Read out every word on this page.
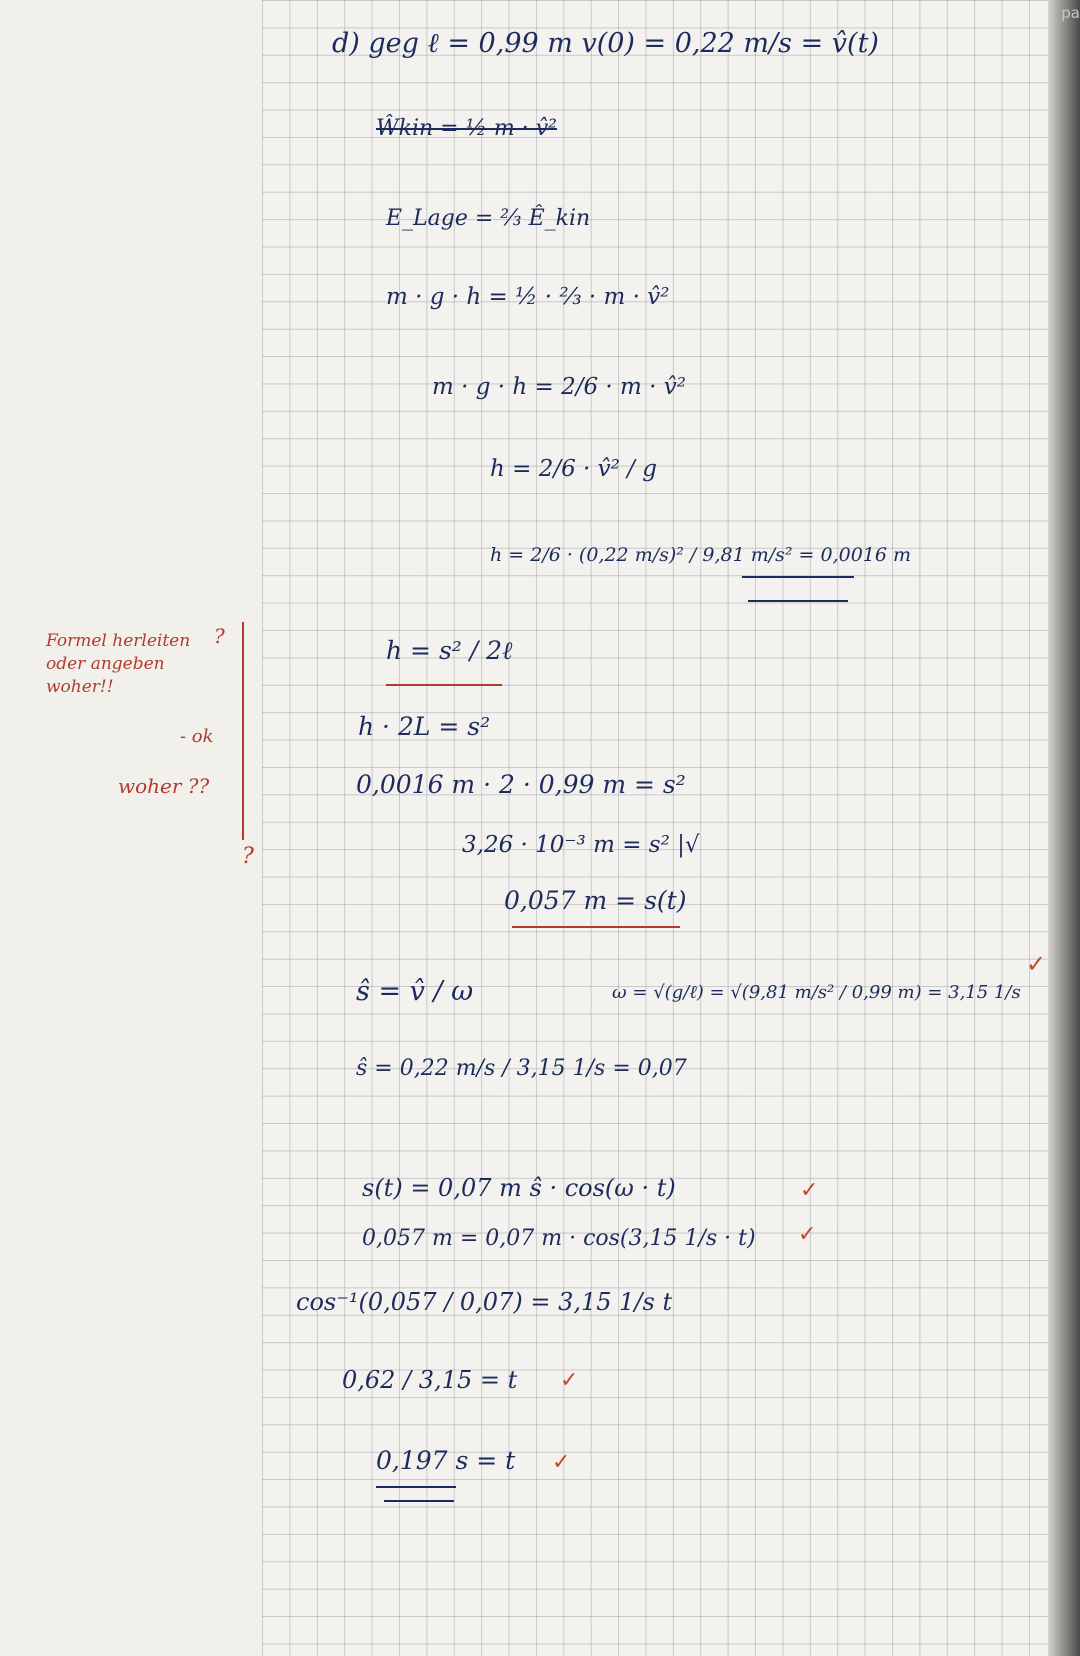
pa
d) geg ℓ = 0,99 m v(0) = 0,22 m/s = v̂(t)
Ŵkin = ½ m · v̂²
E_Lage = ⅔ Ê_kin
m · g · h = ½ · ⅔ · m · v̂²
m · g · h = 2/6 · m · v̂²
h = 2/6 · v̂² / g
h = 2/6 · (0,22 m/s)² / 9,81 m/s² = 0,0016 m
h = s² / 2ℓ
h · 2L = s²
0,0016 m · 2 · 0,99 m = s²
3,26 · 10⁻³ m = s² |√
0,057 m = s(t)
ŝ = v̂ / ω	ω = √(g/ℓ) = √(9,81 m/s² / 0,99 m) = 3,15 1/s
✓
ŝ = 0,22 m/s / 3,15 1/s = 0,07
s(t) = 0,07 m ŝ · cos(ω · t)	✓
0,057 m = 0,07 m · cos(3,15 1/s · t) ✓
cos⁻¹(0,057 / 0,07) = 3,15 1/s t
0,62 / 3,15 = t ✓
0,197 s = t ✓
Formel herleiten oder angeben woher!!
?
- ok
woher ??
?
